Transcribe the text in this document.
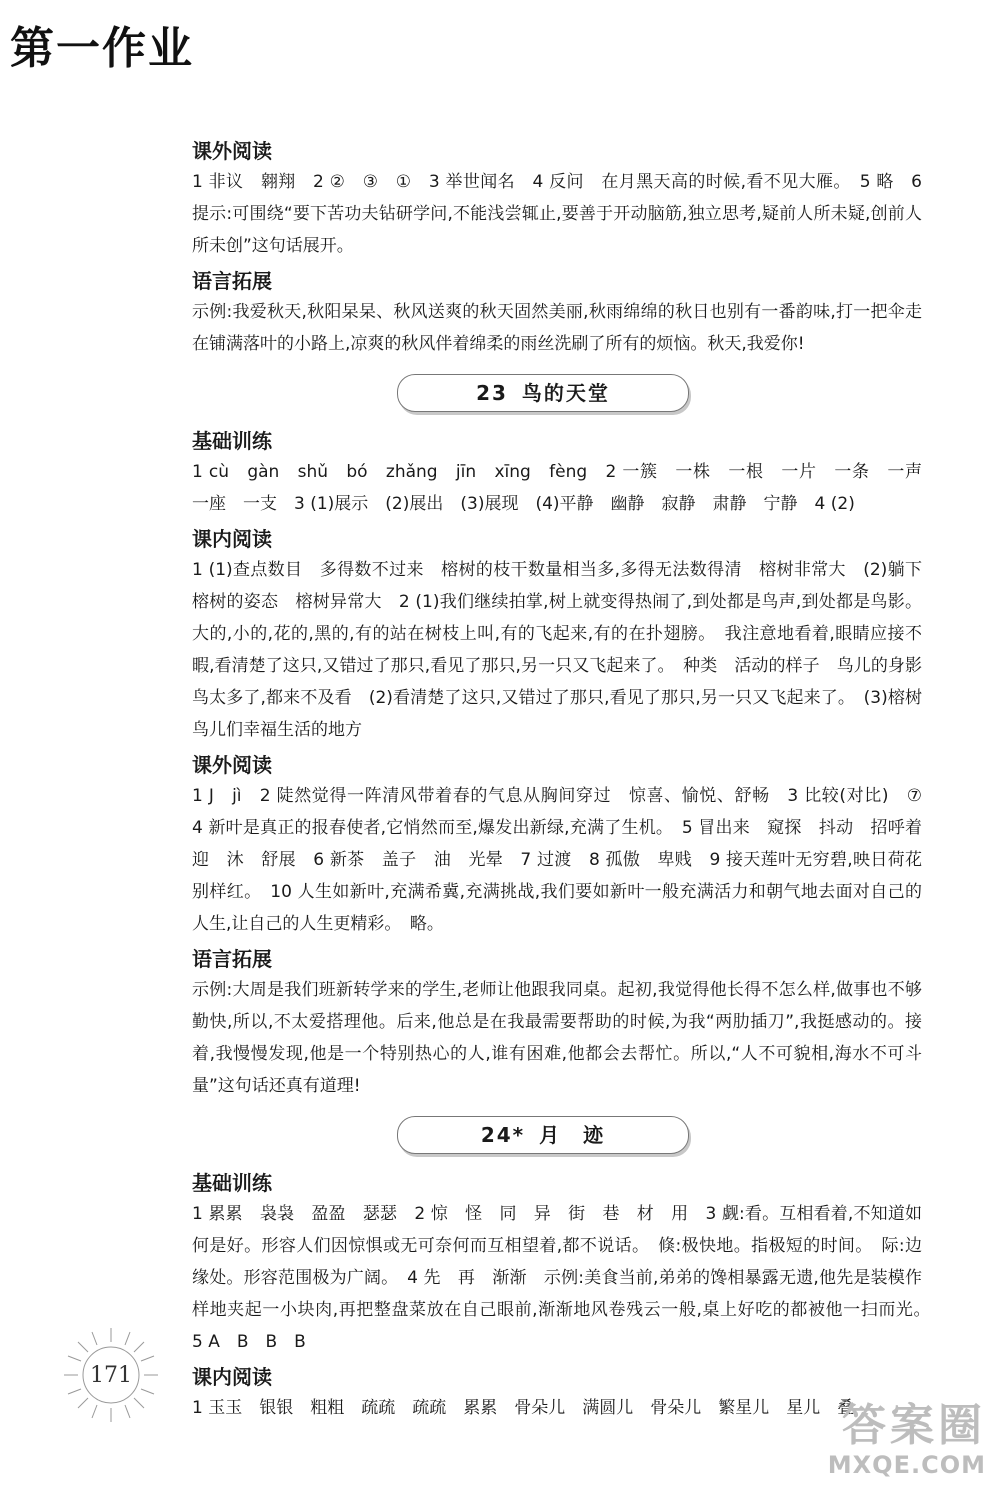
第一作业
课外阅读
1 非议　翱翔　2 ②　③　①　3 举世闻名　4 反问　在月黑天高的时候,看不见大雁。　5 略　6 提示:可围绕“要下苦功夫钻研学问,不能浅尝辄止,要善于开动脑筋,独立思考,疑前人所未疑,创前人所未创”这句话展开。
语言拓展
示例:我爱秋天,秋阳杲杲、秋风送爽的秋天固然美丽,秋雨绵绵的秋日也别有一番韵味,打一把伞走在铺满落叶的小路上,凉爽的秋风伴着绵柔的雨丝洗刷了所有的烦恼。秋天,我爱你!
23 鸟的天堂
基础训练
1 cù　gàn　shǔ　bó　zhǎng　jīn　xīng　fèng　2 一簇　一株　一根　一片　一条　一声　一座　一支　3 (1)展示　(2)展出　(3)展现　(4)平静　幽静　寂静　肃静　宁静　4 (2)
课内阅读
1 (1)查点数目　多得数不过来　榕树的枝干数量相当多,多得无法数得清　榕树非常大　(2)躺下　榕树的姿态　榕树异常大　2 (1)我们继续拍掌,树上就变得热闹了,到处都是鸟声,到处都是鸟影。大的,小的,花的,黑的,有的站在树枝上叫,有的飞起来,有的在扑翅膀。　我注意地看着,眼睛应接不暇,看清楚了这只,又错过了那只,看见了那只,另一只又飞起来了。　种类　活动的样子　鸟儿的身影　鸟太多了,都来不及看　(2)看清楚了这只,又错过了那只,看见了那只,另一只又飞起来了。　(3)榕树　鸟儿们幸福生活的地方
课外阅读
1 J　jì　2 陡然觉得一阵清风带着春的气息从胸间穿过　惊喜、愉悦、舒畅　3 比较(对比)　⑦　4 新叶是真正的报春使者,它悄然而至,爆发出新绿,充满了生机。　5 冒出来　窥探　抖动　招呼着　迎　沐　舒展　6 新茶　盖子　油　光晕　7 过渡　8 孤傲　卑贱　9 接天莲叶无穷碧,映日荷花别样红。　10 人生如新叶,充满希冀,充满挑战,我们要如新叶一般充满活力和朝气地去面对自己的人生,让自己的人生更精彩。　略。
语言拓展
示例:大周是我们班新转学来的学生,老师让他跟我同桌。起初,我觉得他长得不怎么样,做事也不够勤快,所以,不太爱搭理他。后来,他总是在我最需要帮助的时候,为我“两肋插刀”,我挺感动的。接着,我慢慢发现,他是一个特别热心的人,谁有困难,他都会去帮忙。所以,“人不可貌相,海水不可斗量”这句话还真有道理!
24* 月　迹
基础训练
1 累累　袅袅　盈盈　瑟瑟　2 惊　怪　同　异　街　巷　材　用　3 觑:看。互相看着,不知道如何是好。形容人们因惊惧或无可奈何而互相望着,都不说话。　倏:极快地。指极短的时间。　际:边缘处。形容范围极为广阔。　4 先　再　渐渐　示例:美食当前,弟弟的馋相暴露无遗,他先是装模作样地夹起一小块肉,再把整盘菜放在自己眼前,渐渐地风卷残云一般,桌上好吃的都被他一扫而光。　5 A　B　B　B
课内阅读
1 玉玉　银银　粗粗　疏疏　疏疏　累累　骨朵儿　满圆儿　骨朵儿　繁星儿　星儿　叠
171
答案圈
MXQE.COM
